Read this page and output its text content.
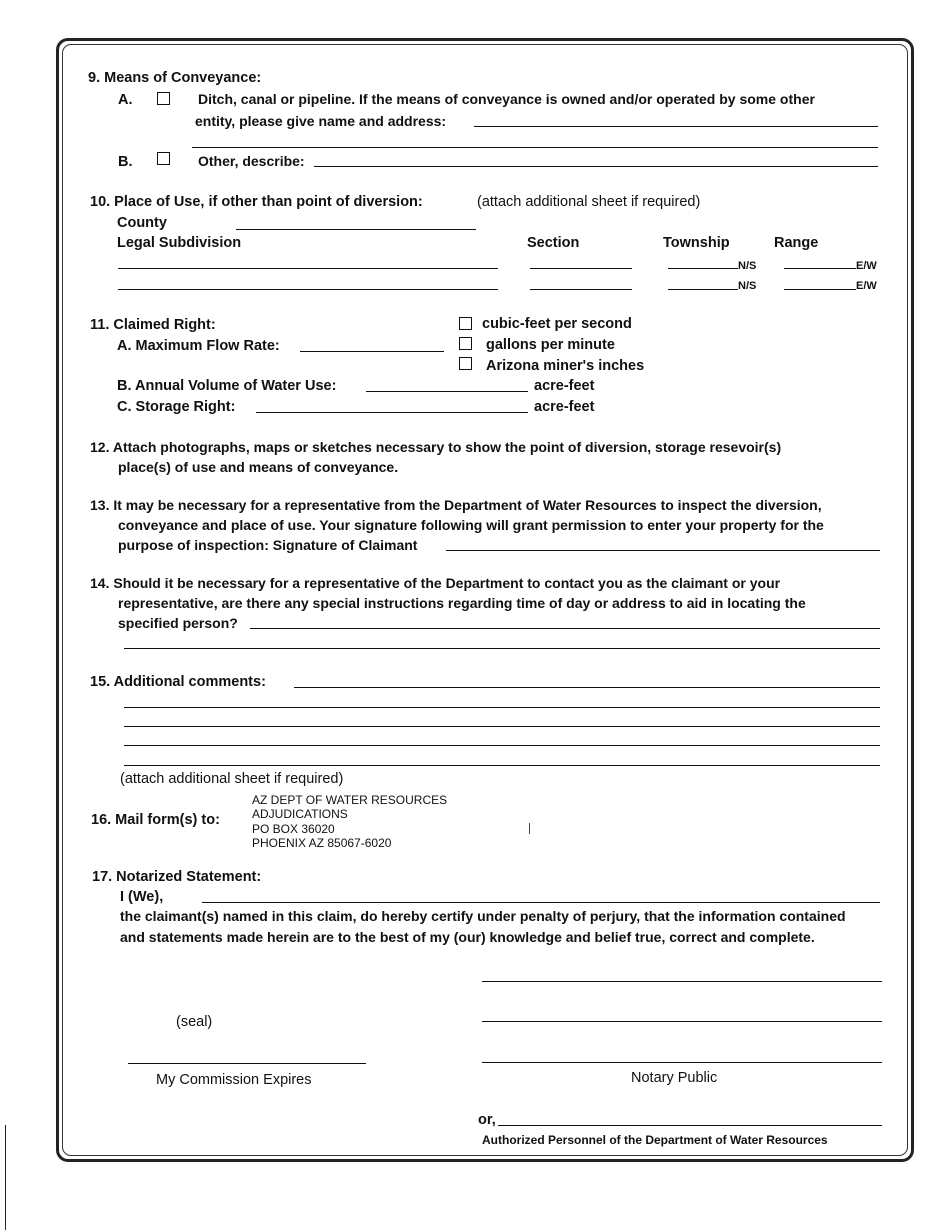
9. Means of Conveyance:
A.	Ditch, canal or pipeline. If the means of conveyance is owned and/or operated by some other
entity, please give name and address:
B.	Other, describe:
10. Place of Use, if other than point of diversion:	(attach additional sheet if required)
County
Legal Subdivision	Section	Township	Range
N/S	E/W
N/S	E/W
11. Claimed Right:	cubic-feet per second
A. Maximum Flow Rate:	gallons per minute
Arizona miner's inches
B. Annual Volume of Water Use:	acre-feet
C. Storage Right:	acre-feet
12. Attach photographs, maps or sketches necessary to show the point of diversion, storage resevoir(s)
place(s) of use and means of conveyance.
13. It may be necessary for a representative from the Department of Water Resources to inspect the diversion,
conveyance and place of use. Your signature following will grant permission to enter your property for the
purpose of inspection: Signature of Claimant
14. Should it be necessary for a representative of the Department to contact you as the claimant or your
representative, are there any special instructions regarding time of day or address to aid in locating the
specified person?
15. Additional comments:
(attach additional sheet if required)
16. Mail form(s) to:
AZ DEPT OF WATER RESOURCES
ADJUDICATIONS
PO BOX 36020
PHOENIX AZ 85067-6020
17. Notarized Statement:
I (We),
the claimant(s) named in this claim, do hereby certify under penalty of perjury, that the information contained
and statements made herein are to the best of my (our) knowledge and belief true, correct and complete.
(seal)
My Commission Expires	Notary Public
or,
Authorized Personnel of the Department of Water Resources
